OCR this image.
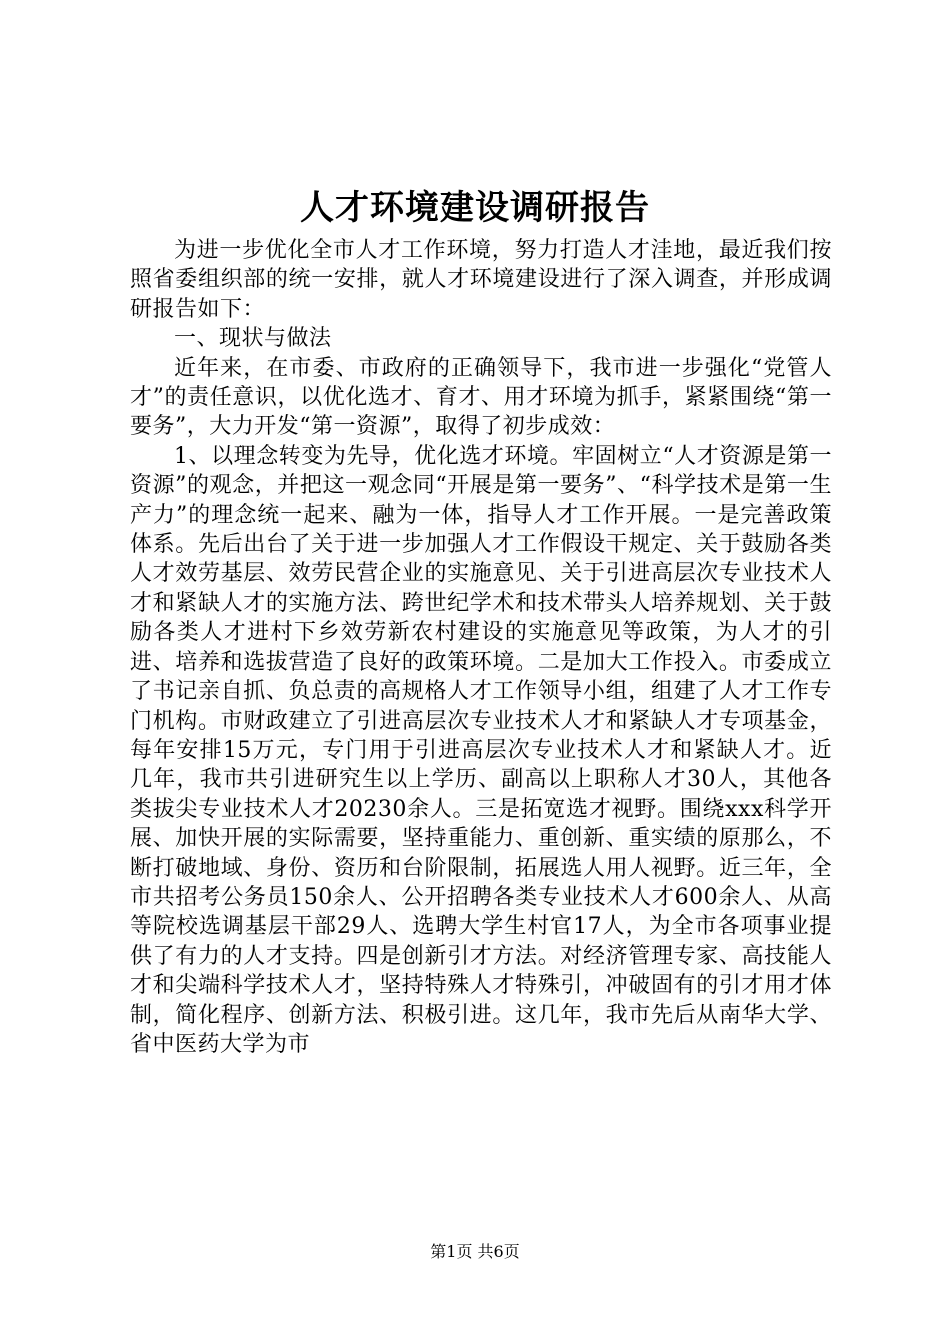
人才环境建设调研报告

为进一步优化全市人才工作环境，努力打造人才洼地，最近我们按照省委组织部的统一安排，就人才环境建设进行了深入调查，并形成调研报告如下：

一、现状与做法

近年来，在市委、市政府的正确领导下，我市进一步强化“党管人才”的责任意识，以优化选才、育才、用才环境为抓手，紧紧围绕“第一要务”，大力开发“第一资源”，取得了初步成效：

1、以理念转变为先导，优化选才环境。牢固树立“人才资源是第一资源”的观念，并把这一观念同“开展是第一要务”、“科学技术是第一生产力”的理念统一起来、融为一体，指导人才工作开展。一是完善政策体系。先后出台了关于进一步加强人才工作假设干规定、关于鼓励各类人才效劳基层、效劳民营企业的实施意见、关于引进高层次专业技术人才和紧缺人才的实施方法、跨世纪学术和技术带头人培养规划、关于鼓励各类人才进村下乡效劳新农村建设的实施意见等政策，为人才的引进、培养和选拔营造了良好的政策环境。二是加大工作投入。市委成立了书记亲自抓、负总责的高规格人才工作领导小组，组建了人才工作专门机构。市财政建立了引进高层次专业技术人才和紧缺人才专项基金，每年安排15万元，专门用于引进高层次专业技术人才和紧缺人才。近几年，我市共引进研究生以上学历、副高以上职称人才30人，其他各类拔尖专业技术人才20230余人。三是拓宽选才视野。围绕xxx科学开展、加快开展的实际需要，坚持重能力、重创新、重实绩的原那么，不断打破地域、身份、资历和台阶限制，拓展选人用人视野。近三年，全市共招考公务员150余人、公开招聘各类专业技术人才600余人、从高等院校选调基层干部29人、选聘大学生村官17人，为全市各项事业提供了有力的人才支持。四是创新引才方法。对经济管理专家、高技能人才和尖端科学技术人才，坚持特殊人才特殊引，冲破固有的引才用才体制，简化程序、创新方法、积极引进。这几年，我市先后从南华大学、省中医药大学为市

第1页 共6页
